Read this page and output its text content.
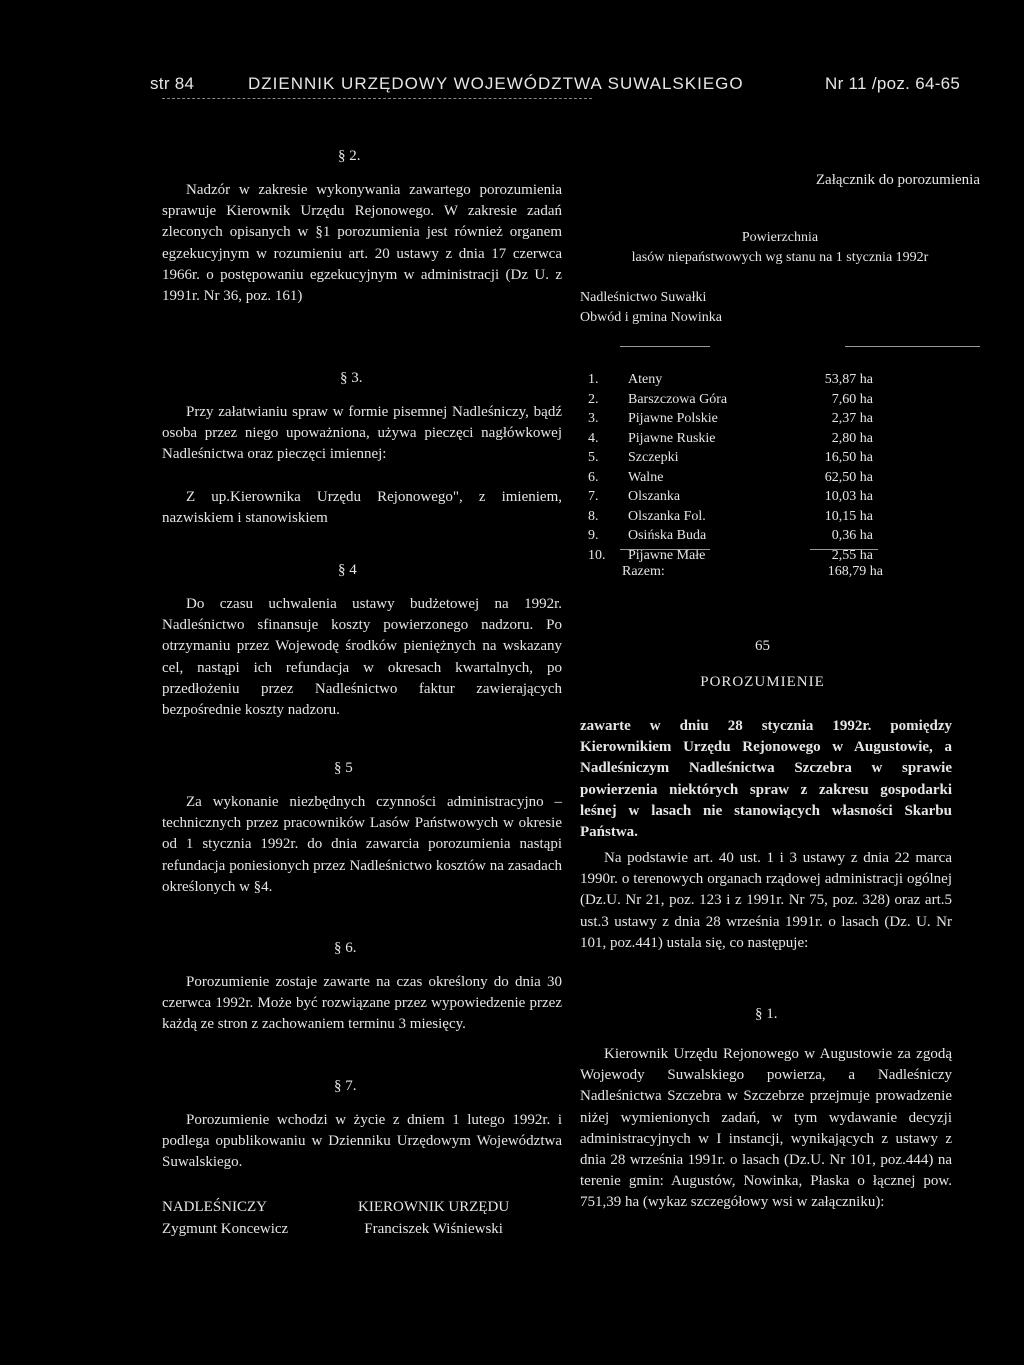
str 84	DZIENNIK URZĘDOWY WOJEWÓDZTWA SUWALSKIEGO	Nr 11 /poz. 64-65
§ 2.

Nadzór w zakresie wykonywania zawartego porozumienia sprawuje Kierownik Urzędu Rejonowego. W zakresie zadań zleconych opisanych w §1 porozumienia jest również organem egzekucyjnym w rozumieniu art. 20 ustawy z dnia 17 czerwca 1966r. o postępowaniu egzekucyjnym w administracji (Dz U. z 1991r. Nr 36, poz. 161)

§ 3.

Przy załatwianiu spraw w formie pisemnej Nadleśniczy, bądź osoba przez niego upoważniona, używa pieczęci nagłówkowej Nadleśnictwa oraz pieczęci imiennej:

Z up.Kierownika Urzędu Rejonowego", z imieniem, nazwiskiem i stanowiskiem

§ 4

Do czasu uchwalenia ustawy budżetowej na 1992r. Nadleśnictwo sfinansuje koszty powierzonego nadzoru. Po otrzymaniu przez Wojewodę środków pieniężnych na wskazany cel, nastąpi ich refundacja w okresach kwartalnych, po przedłożeniu przez Nadleśnictwo faktur zawierających bezpośrednie koszty nadzoru.

§ 5

Za wykonanie niezbędnych czynności administracyjno – technicznych przez pracowników Lasów Państwowych w okresie od 1 stycznia 1992r. do dnia zawarcia porozumienia nastąpi refundacja poniesionych przez Nadleśnictwo kosztów na zasadach określonych w §4.

§ 6.

Porozumienie zostaje zawarte na czas określony do dnia 30 czerwca 1992r. Może być rozwiązane przez wypowiedzenie przez każdą ze stron z zachowaniem terminu 3 miesięcy.

§ 7.

Porozumienie wchodzi w życie z dniem 1 lutego 1992r. i podlega opublikowaniu w Dzienniku Urzędowym Województwa Suwalskiego.

NADLEŚNICZY
Zygmunt Koncewicz
KIEROWNIK URZĘDU
Franciszek Wiśniewski
Załącznik do porozumienia
Powierzchnia
lasów niepaństwowych wg stanu na 1 stycznia 1992r
Nadleśnictwo Suwałki
Obwód i gmina Nowinka
1.	Ateny	53,87 ha
2.	Barszczowa Góra	7,60 ha
3.	Pijawne Polskie	2,37 ha
4.	Pijawne Ruskie	2,80 ha
5.	Szczepki	16,50 ha
6.	Walne	62,50 ha
7.	Olszanka	10,03 ha
8.	Olszanka Fol.	10,15 ha
9.	Osińska Buda	0,36 ha
10.	Pijawne Małe	2,55 ha
Razem:	168,79 ha
65
POROZUMIENIE

zawarte w dniu 28 stycznia 1992r. pomiędzy Kierownikiem Urzędu Rejonowego w Augustowie, a Nadleśniczym Nadleśnictwa Szczebra w sprawie powierzenia niektórych spraw z zakresu gospodarki leśnej w lasach nie stanowiących własności Skarbu Państwa.

Na podstawie art. 40 ust. 1 i 3 ustawy z dnia 22 marca 1990r. o terenowych organach rządowej administracji ogólnej (Dz.U. Nr 21, poz. 123 i z 1991r. Nr 75, poz. 328) oraz art.5 ust.3 ustawy z dnia 28 września 1991r. o lasach (Dz. U. Nr 101, poz.441) ustala się, co następuje:

§ 1.

Kierownik Urzędu Rejonowego w Augustowie za zgodą Wojewody Suwalskiego powierza, a Nadleśniczy Nadleśnictwa Szczebra w Szczebrze przejmuje prowadzenie niżej wymienionych zadań, w tym wydawanie decyzji administracyjnych w I instancji, wynikających z ustawy z dnia 28 września 1991r. o lasach (Dz.U. Nr 101, poz.444) na terenie gmin: Augustów, Nowinka, Płaska o łącznej pow. 751,39 ha (wykaz szczegółowy wsi w załączniku):
